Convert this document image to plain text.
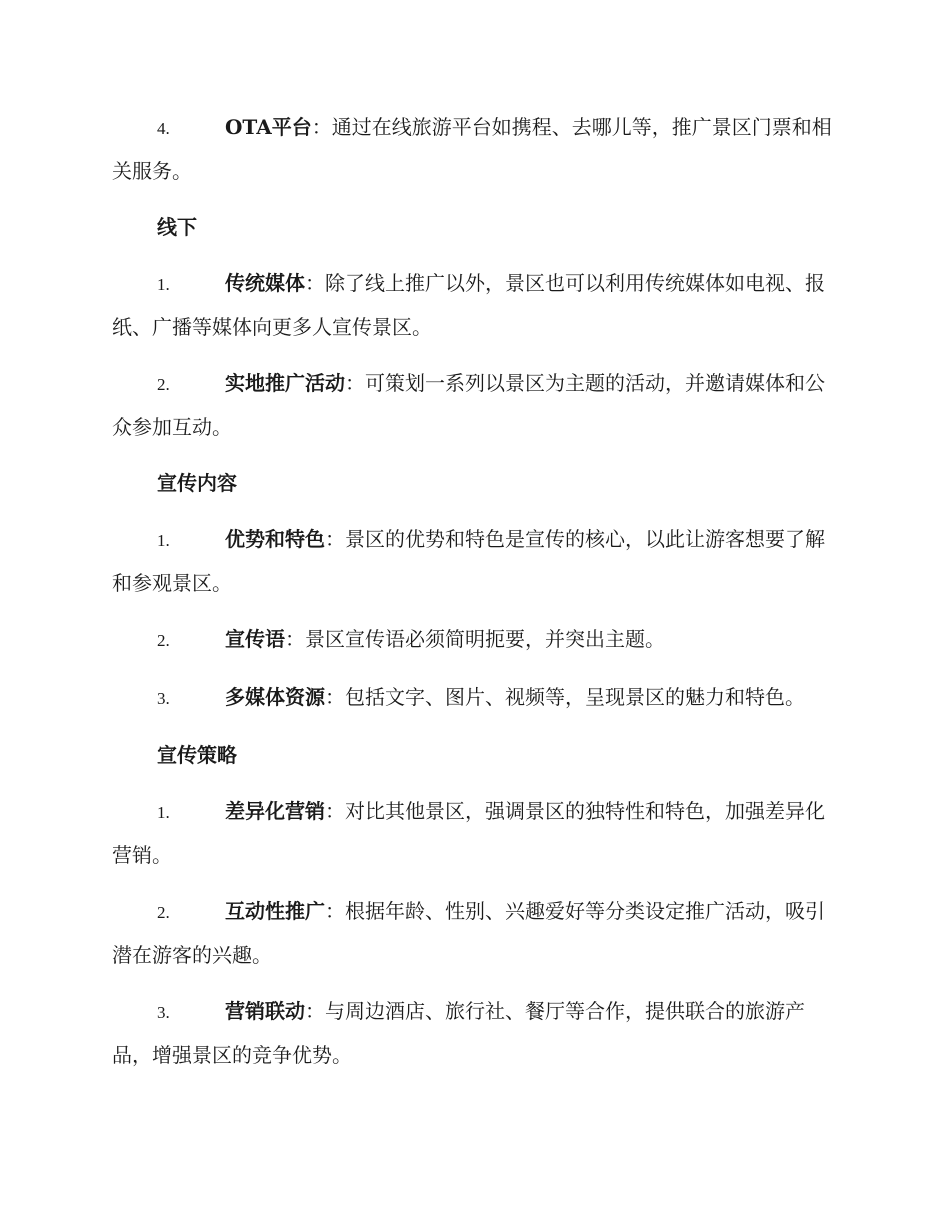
4.	OTA平台：通过在线旅游平台如携程、去哪儿等，推广景区门票和相关服务。

线下

1.	传统媒体：除了线上推广以外，景区也可以利用传统媒体如电视、报纸、广播等媒体向更多人宣传景区。

2.	实地推广活动：可策划一系列以景区为主题的活动，并邀请媒体和公众参加互动。

宣传内容

1.	优势和特色：景区的优势和特色是宣传的核心，以此让游客想要了解和参观景区。

2.	宣传语：景区宣传语必须简明扼要，并突出主题。

3.	多媒体资源：包括文字、图片、视频等，呈现景区的魅力和特色。

宣传策略

1.	差异化营销：对比其他景区，强调景区的独特性和特色，加强差异化营销。

2.	互动性推广：根据年龄、性别、兴趣爱好等分类设定推广活动，吸引潜在游客的兴趣。

3.	营销联动：与周边酒店、旅行社、餐厅等合作，提供联合的旅游产品，增强景区的竞争优势。
